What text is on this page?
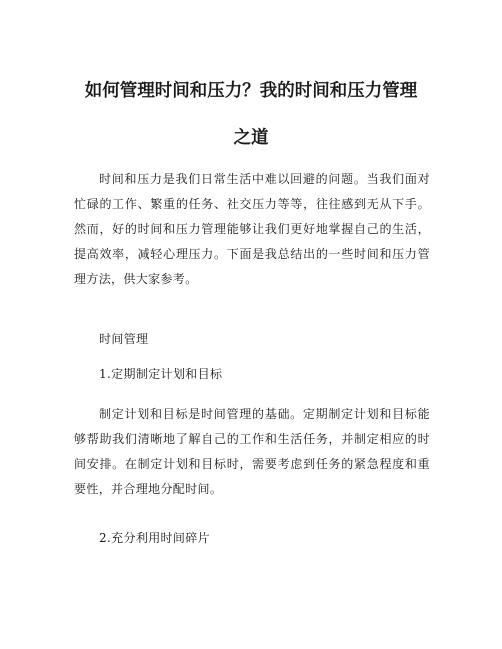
如何管理时间和压力？我的时间和压力管理
之道

时间和压力是我们日常生活中难以回避的问题。当我们面对忙碌的工作、繁重的任务、社交压力等等，往往感到无从下手。然而，好的时间和压力管理能够让我们更好地掌握自己的生活，提高效率，减轻心理压力。下面是我总结出的一些时间和压力管理方法，供大家参考。

时间管理

1.定期制定计划和目标

制定计划和目标是时间管理的基础。定期制定计划和目标能够帮助我们清晰地了解自己的工作和生活任务，并制定相应的时间安排。在制定计划和目标时，需要考虑到任务的紧急程度和重要性，并合理地分配时间。

2.充分利用时间碎片
